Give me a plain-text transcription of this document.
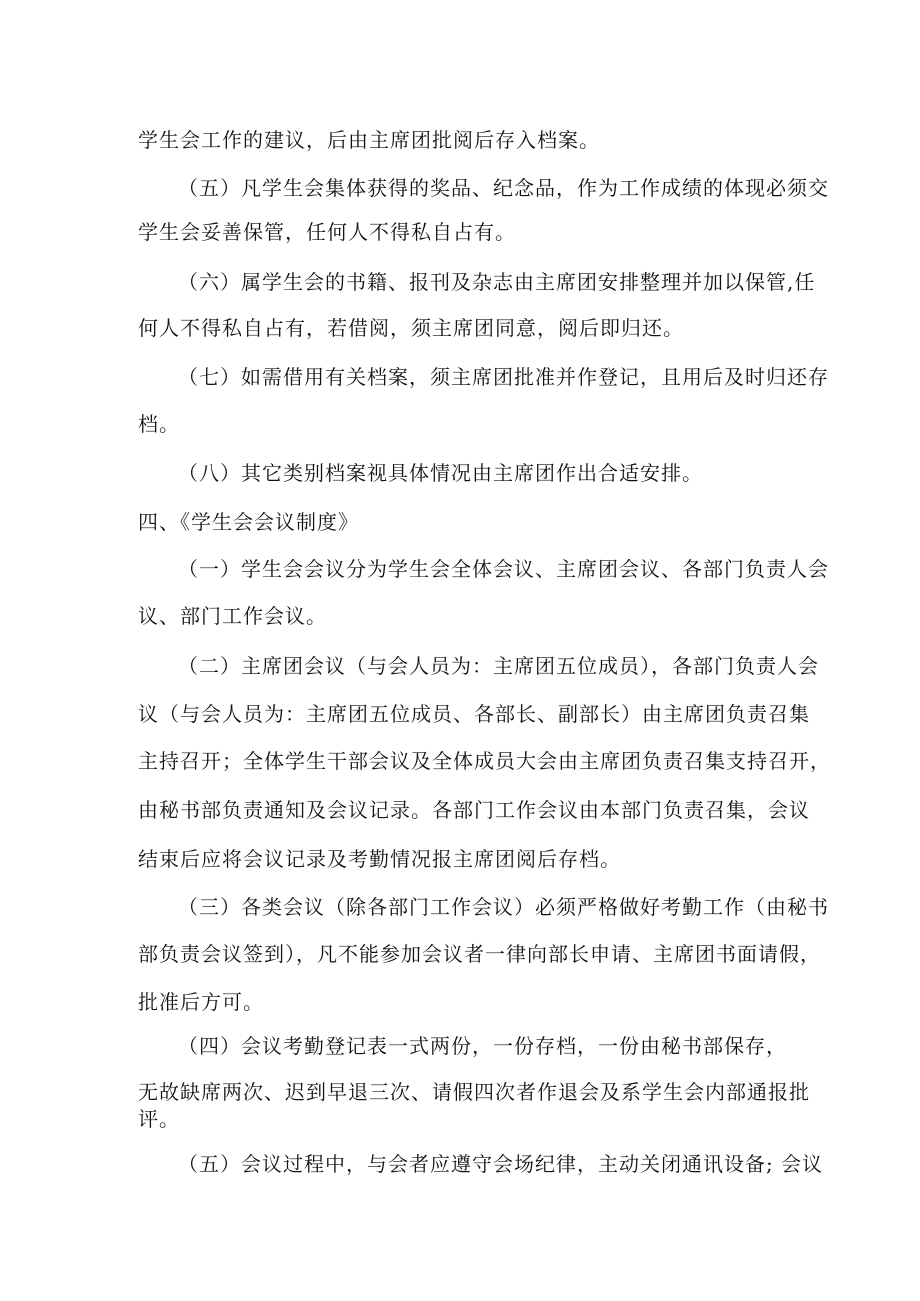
学生会工作的建议，后由主席团批阅后存入档案。
（五）凡学生会集体获得的奖品、纪念品，作为工作成绩的体现必须交
学生会妥善保管，任何人不得私自占有。
（六）属学生会的书籍、报刊及杂志由主席团安排整理并加以保管,任
何人不得私自占有，若借阅，须主席团同意，阅后即归还。
（七）如需借用有关档案，须主席团批准并作登记，且用后及时归还存
档。
（八）其它类别档案视具体情况由主席团作出合适安排。
四、《学生会会议制度》
（一）学生会会议分为学生会全体会议、主席团会议、各部门负责人会
议、部门工作会议。
（二）主席团会议（与会人员为：主席团五位成员），各部门负责人会
议（与会人员为：主席团五位成员、各部长、副部长）由主席团负责召集
主持召开；全体学生干部会议及全体成员大会由主席团负责召集支持召开，
由秘书部负责通知及会议记录。各部门工作会议由本部门负责召集，会议
结束后应将会议记录及考勤情况报主席团阅后存档。
（三）各类会议（除各部门工作会议）必须严格做好考勤工作（由秘书
部负责会议签到），凡不能参加会议者一律向部长申请、主席团书面请假，
批准后方可。
（四）会议考勤登记表一式两份，一份存档，一份由秘书部保存，
无故缺席两次、迟到早退三次、请假四次者作退会及系学生会内部通报批
评。
（五）会议过程中，与会者应遵守会场纪律，主动关闭通讯设备; 会议
